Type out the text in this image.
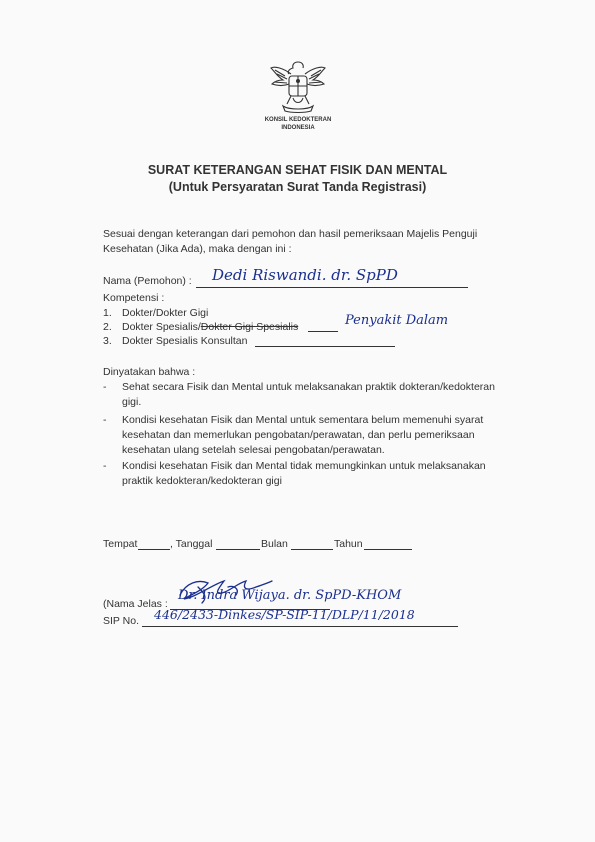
KONSIL KEDOKTERAN
INDONESIA
SURAT KETERANGAN SEHAT FISIK DAN MENTAL
(Untuk Persyaratan Surat Tanda Registrasi)
Sesuai dengan keterangan dari pemohon dan hasil pemeriksaan Majelis Penguji
Kesehatan (Jika Ada), maka dengan ini :
Nama (Pemohon) : Dedi Riswandi. dr. SpPD
Kompetensi :
1. Dokter/Dokter Gigi
2. Dokter Spesialis/Dokter Gigi Spesialis	Penyakit Dalam
3. Dokter Spesialis Konsultan
Dinyatakan bahwa :
- Sehat secara Fisik dan Mental untuk melaksanakan praktik dokteran/kedokteran
gigi.
- Kondisi kesehatan Fisik dan Mental untuk sementara belum memenuhi syarat
kesehatan dan memerlukan pengobatan/perawatan, dan perlu pemeriksaan
kesehatan ulang setelah selesai pengobatan/perawatan.
- Kondisi kesehatan Fisik dan Mental tidak memungkinkan untuk melaksanakan
praktik kedokteran/kedokteran gigi
Tempat	, Tanggal	Bulan	Tahun
(Nama Jelas :
Dr. Indra Wijaya. dr. SpPD-KHOM
SIP No. 446/2433-Dinkes/SP-SIP-11/DLP/11/2018
